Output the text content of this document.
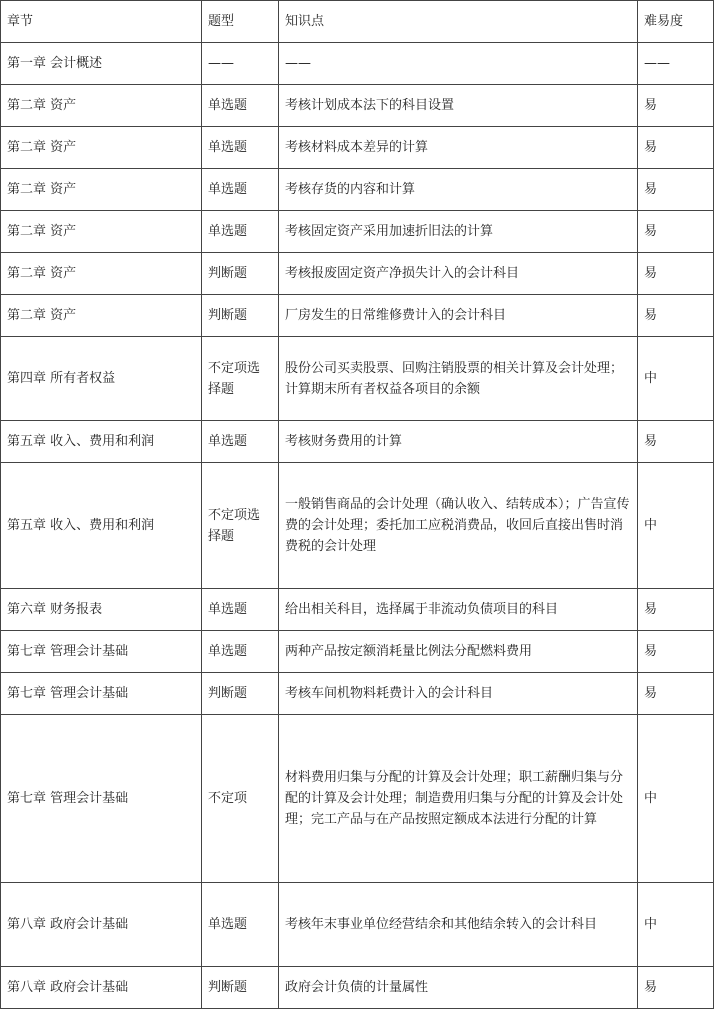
章节	题型	知识点	难易度
第一章 会计概述	——	——	——
第二章 资产	单选题	考核计划成本法下的科目设置	易
第二章 资产	单选题	考核材料成本差异的计算	易
第二章 资产	单选题	考核存货的内容和计算	易
第二章 资产	单选题	考核固定资产采用加速折旧法的计算	易
第二章 资产	判断题	考核报废固定资产净损失计入的会计科目	易
第二章 资产	判断题	厂房发生的日常维修费计入的会计科目	易
第四章 所有者权益	不定项选择题	股份公司买卖股票、回购注销股票的相关计算及会计处理；计算期末所有者权益各项目的余额	中
第五章 收入、费用和利润	单选题	考核财务费用的计算	易
第五章 收入、费用和利润	不定项选择题	一般销售商品的会计处理（确认收入、结转成本）；广告宣传费的会计处理；委托加工应税消费品，收回后直接出售时消费税的会计处理	中
第六章 财务报表	单选题	给出相关科目，选择属于非流动负债项目的科目	易
第七章 管理会计基础	单选题	两种产品按定额消耗量比例法分配燃料费用	易
第七章 管理会计基础	判断题	考核车间机物料耗费计入的会计科目	易
第七章 管理会计基础	不定项	材料费用归集与分配的计算及会计处理；职工薪酬归集与分配的计算及会计处理；制造费用归集与分配的计算及会计处理；完工产品与在产品按照定额成本法进行分配的计算	中
第八章 政府会计基础	单选题	考核年末事业单位经营结余和其他结余转入的会计科目	中
第八章 政府会计基础	判断题	政府会计负债的计量属性	易
